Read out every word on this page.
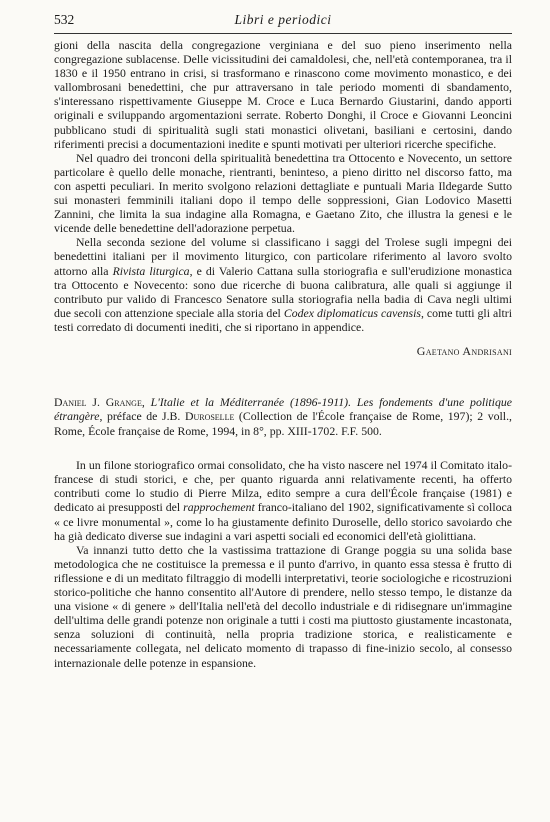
532	Libri e periodici

gioni della nascita della congregazione verginiana e del suo pieno inserimento nella congregazione sublacense. Delle vicissitudini dei camaldolesi, che, nell'età contemporanea, tra il 1830 e il 1950 entrano in crisi, si trasformano e rinascono come movimento monastico, e dei vallombrosani benedettini, che pur attraversano in tale periodo momenti di sbandamento, s'interessano rispettivamente Giuseppe M. Croce e Luca Bernardo Giustarini, dando apporti originali e sviluppando argomentazioni serrate. Roberto Donghi, il Croce e Giovanni Leoncini pubblicano studi di spiritualità sugli stati monastici olivetani, basiliani e certosini, dando riferimenti precisi a documentazioni inedite e spunti motivati per ulteriori ricerche specifiche.

Nel quadro dei tronconi della spiritualità benedettina tra Ottocento e Novecento, un settore particolare è quello delle monache, rientranti, beninteso, a pieno diritto nel discorso fatto, ma con aspetti peculiari. In merito svolgono relazioni dettagliate e puntuali Maria Ildegarde Sutto sui monasteri femminili italiani dopo il tempo delle soppressioni, Gian Lodovico Masetti Zannini, che limita la sua indagine alla Romagna, e Gaetano Zito, che illustra la genesi e le vicende delle benedettine dell'adorazione perpetua.

Nella seconda sezione del volume si classificano i saggi del Trolese sugli impegni dei benedettini italiani per il movimento liturgico, con particolare riferimento al lavoro svolto attorno alla Rivista liturgica, e di Valerio Cattana sulla storiografia e sull'erudizione monastica tra Ottocento e Novecento: sono due ricerche di buona calibratura, alle quali si aggiunge il contributo pur valido di Francesco Senatore sulla storiografia nella badia di Cava negli ultimi due secoli con attenzione speciale alla storia del Codex diplomaticus cavensis, come tutti gli altri testi corredato di documenti inediti, che si riportano in appendice.

Gaetano Andrisani

Daniel J. Grange, L'Italie et la Méditerranée (1896-1911). Les fondements d'une politique étrangère, préface de J.B. Duroselle (Collection de l'École française de Rome, 197); 2 voll., Rome, École française de Rome, 1994, in 8°, pp. XIII-1702. F.F. 500.

In un filone storiografico ormai consolidato, che ha visto nascere nel 1974 il Comitato italo-francese di studi storici, e che, per quanto riguarda anni relativamente recenti, ha offerto contributi come lo studio di Pierre Milza, edito sempre a cura dell'École française (1981) e dedicato ai presupposti del rapprochement franco-italiano del 1902, significativamente sì colloca « ce livre monumental », come lo ha giustamente definito Duroselle, dello storico savoiardo che ha già dedicato diverse sue indagini a vari aspetti sociali ed economici dell'età giolittiana.

Va innanzi tutto detto che la vastissima trattazione di Grange poggia su una solida base metodologica che ne costituisce la premessa e il punto d'arrivo, in quanto essa stessa è frutto di riflessione e di un meditato filtraggio di modelli interpretativi, teorie sociologiche e ricostruzioni storico-politiche che hanno consentito all'Autore di prendere, nello stesso tempo, le distanze da una visione « di genere » dell'Italia nell'età del decollo industriale e di ridisegnare un'immagine dell'ultima delle grandi potenze non originale a tutti i costi ma piuttosto giustamente incastonata, senza soluzioni di continuità, nella propria tradizione storica, e realisticamente e necessariamente collegata, nel delicato momento di trapasso di fine-inizio secolo, al consesso internazionale delle potenze in espansione.
